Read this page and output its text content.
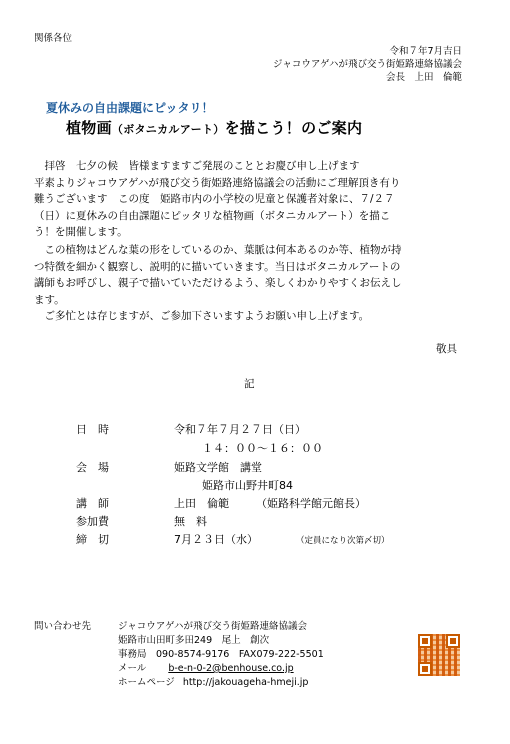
関係各位
令和７年7月吉日
ジャコウアゲハが飛び交う街姫路連絡協議会
会長　上田　倫範
夏休みの自由課題にピッタリ！
植物画（ボタニカルアート）を描こう！のご案内
　拝啓　七夕の候　皆様ますますご発展のこととお慶び申し上げます
平素よりジャコウアゲハが飛び交う街姫路連絡協議会の活動にご理解頂き有り
難うございます　この度　姫路市内の小学校の児童と保護者対象に、７/２７
（日）に夏休みの自由課題にピッタリな植物画（ボタニカルアート）を描こ
う！を開催します。
　この植物はどんな葉の形をしているのか、葉脈は何本あるのか等、植物が持
つ特徴を細かく観察し、説明的に描いていきます。当日はボタニカルアートの
講師もお呼びし、親子で描いていただけるよう、楽しくわかりやすくお伝えし
ます。
　ご多忙とは存じますが、ご参加下さいますようお願い申し上げます。
敬具
記
日　時	令和７年７月２７日（日）
１４：００〜１６：００
会　場	姫路文学館　講堂
姫路市山野井町84
講　師	上田　倫範 （姫路科学館元館長）
参加費	無　料
締　切	7月２３日（水）	（定員になり次第〆切）
問い合わせ先	ジャコウアゲハが飛び交う街姫路連絡協議会
姫路市山田町多田249　尾上　創次
事務局　090-8574-9176　FAX079-222-5501
メール b-e-n-0-2@benhouse.co.jp
ホームページ http://jakouageha-hmeji.jp
